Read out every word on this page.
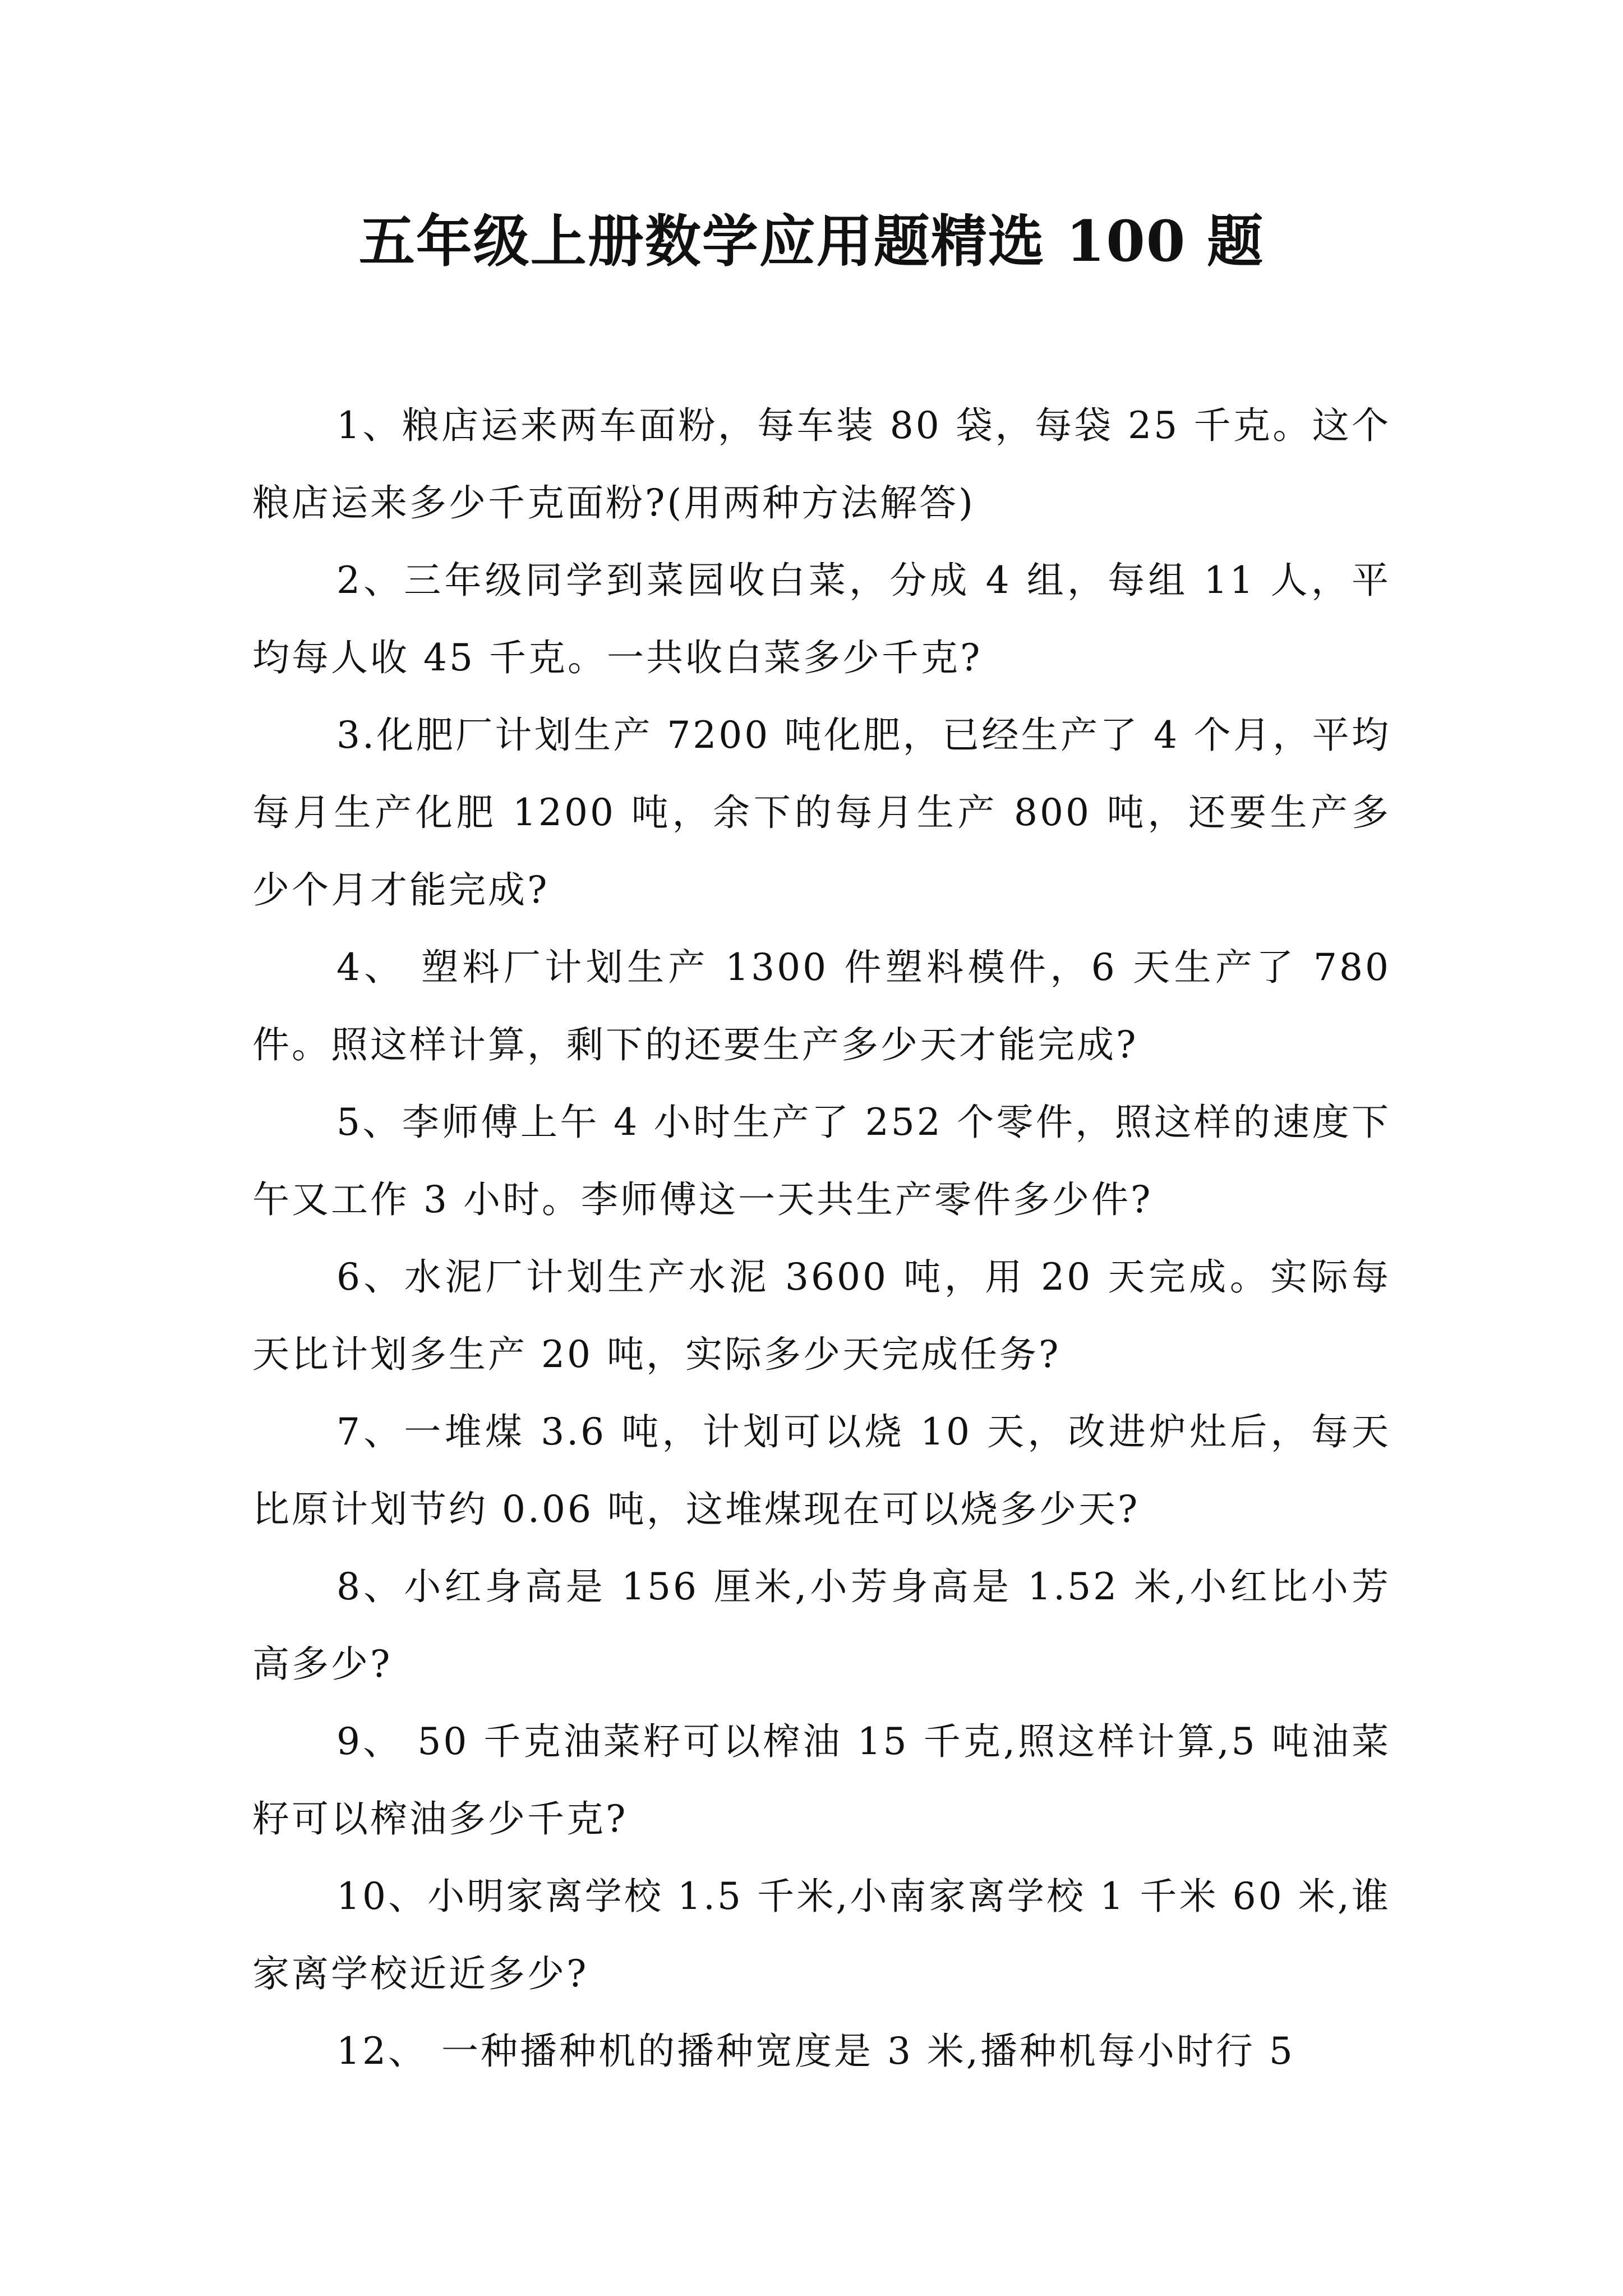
五年级上册数学应用题精选 100 题

1、粮店运来两车面粉，每车装 80 袋，每袋 25 千克。这个粮店运来多少千克面粉?(用两种方法解答)

2、三年级同学到菜园收白菜，分成 4 组，每组 11 人，平均每人收 45 千克。一共收白菜多少千克?

3.化肥厂计划生产 7200 吨化肥，已经生产了 4 个月，平均每月生产化肥 1200 吨，余下的每月生产 800 吨，还要生产多少个月才能完成?

4、 塑料厂计划生产 1300 件塑料模件，6 天生产了 780 件。照这样计算，剩下的还要生产多少天才能完成?

5、李师傅上午 4 小时生产了 252 个零件，照这样的速度下午又工作 3 小时。李师傅这一天共生产零件多少件?

6、水泥厂计划生产水泥 3600 吨，用 20 天完成。实际每天比计划多生产 20 吨，实际多少天完成任务?

7、一堆煤 3.6 吨，计划可以烧 10 天，改进炉灶后，每天比原计划节约 0.06 吨，这堆煤现在可以烧多少天?

8、小红身高是 156 厘米,小芳身高是 1.52 米,小红比小芳高多少?

9、 50 千克油菜籽可以榨油 15 千克,照这样计算,5 吨油菜籽可以榨油多少千克?

10、小明家离学校 1.5 千米,小南家离学校 1 千米 60 米,谁家离学校近近多少?

12、 一种播种机的播种宽度是 3 米,播种机每小时行 5
